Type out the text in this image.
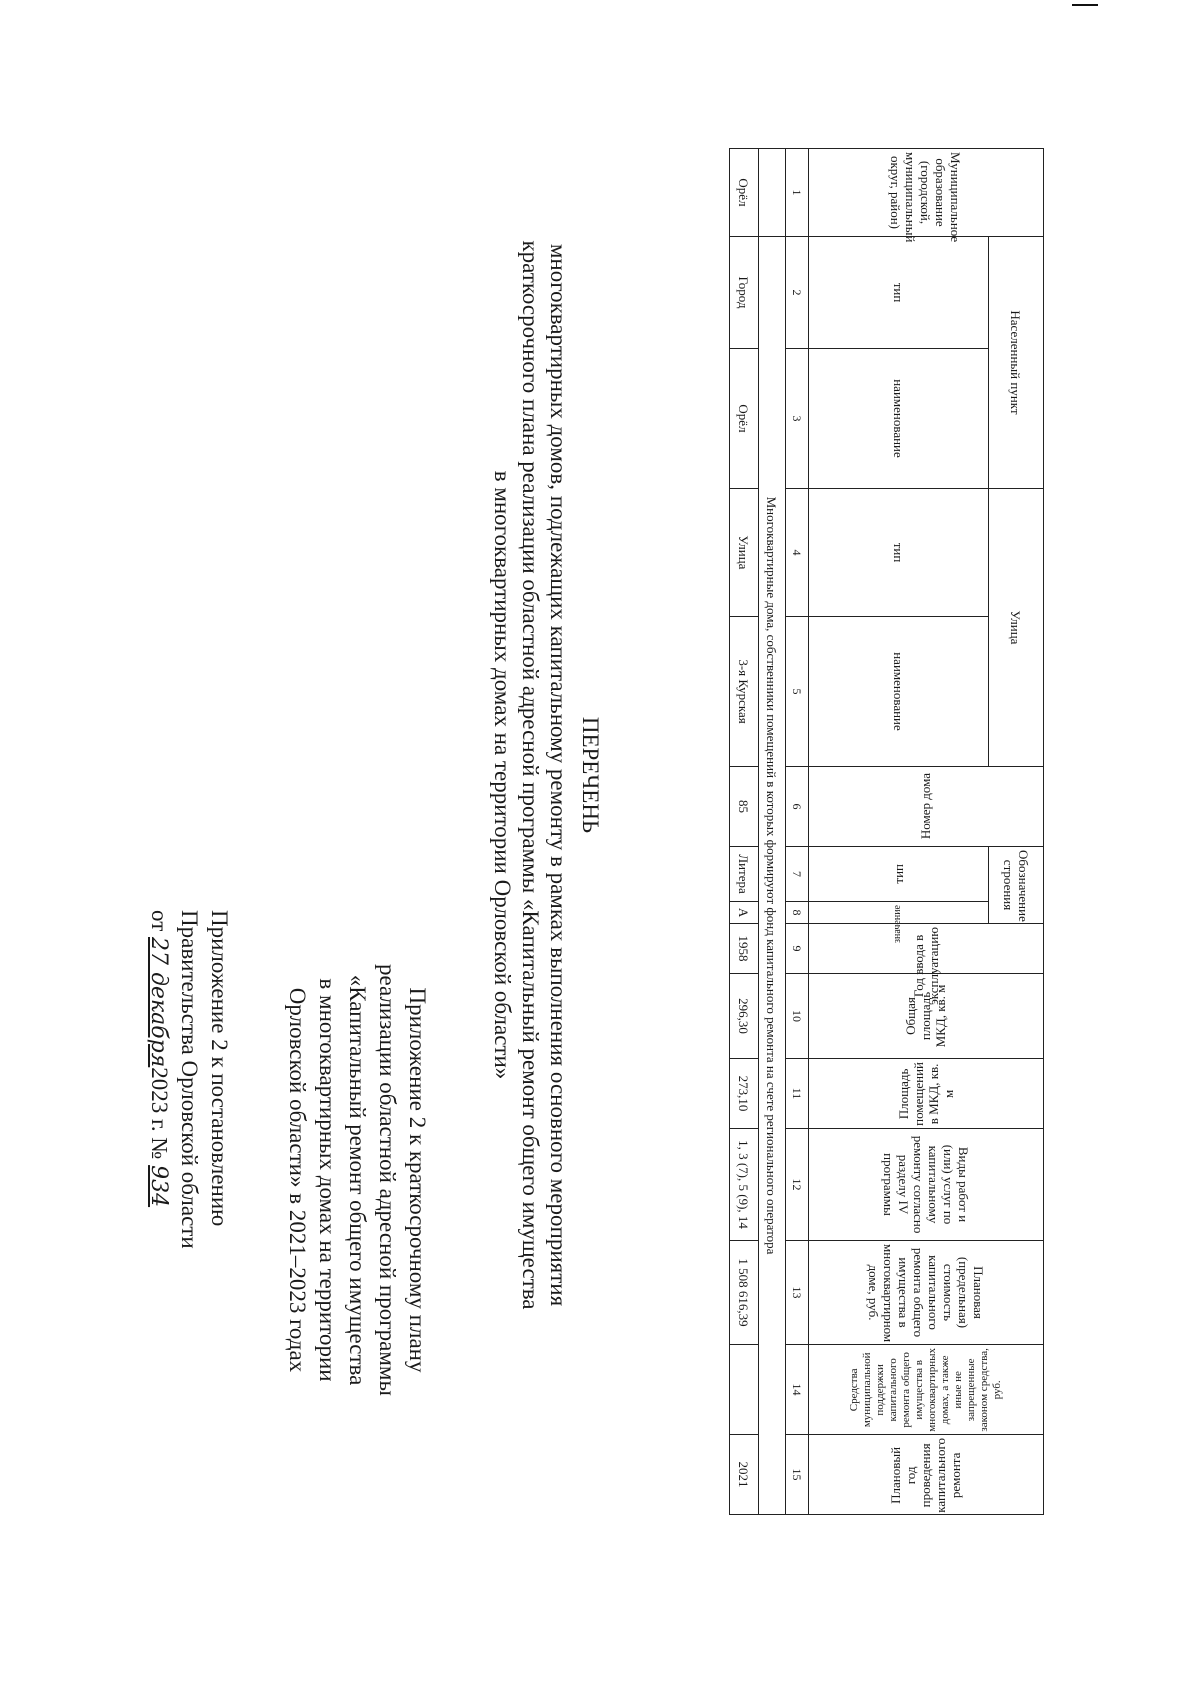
Приложение 2 к постановлению
Правительства Орловской области
от 27 декабря2023 г. № 934	Приложение 2 к краткосрочному плану
реализации областной адресной программы
«Капитальный ремонт общего имущества
в многоквартирных домах на территории
Орловской области» в 2021–2023 годах
ПЕРЕЧЕНЬ
многоквартирных домов, подлежащих капитальному ремонту в рамках выполнения основного мероприятия
краткосрочного плана реализации областной адресной программы «Капитальный ремонт общего имущества
в многоквартирных домах на территории Орловской области»
Муниципальное образование (городской, муниципальный округ, район)	Населенный пункт		Улица		Номер дома	Обозначение строения		Год ввода в эксплуатацию	Общая площадь МКД, кв. м	Площадь помещений в МКД, кв. м	Виды работ и (или) услуг по капитальному ремонту согласно разделу IV программы	Плановая (предельная) стоимость капитального ремонта общего имущества в многоквартирном доме, руб.	Средства муниципальной поддержки капитального ремонта общего имущества в многоквартирных домах, а также иные не запрещенные законом средства, руб.	Плановый год проведения капитального ремонта
	тип	наименование	тип	наименование		тип	значение							
1	2	3	4	5	6	7	8	9	10	11	12	13	14	15
	Многоквартирные дома, собственники помещений в которых формируют фонд капитального ремонта на счете регионального оператора													
Орёл	Город	Орёл	Улица	3-я Курская	85	Литера	А	1958	296,30	273,10	1, 3 (7), 5 (9), 14	1 508 616,39		2021
